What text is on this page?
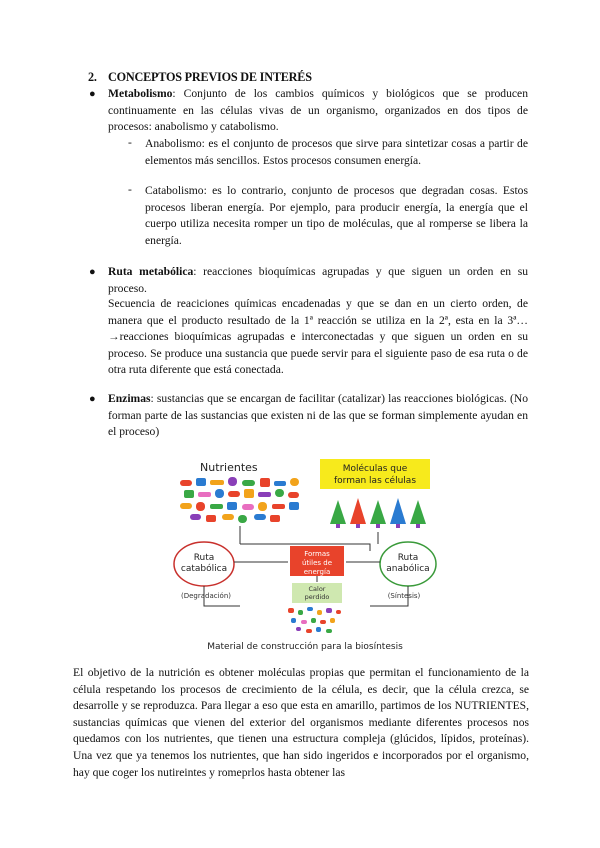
2. CONCEPTOS PREVIOS DE INTERÉS
● Metabolismo: Conjunto de los cambios químicos y biológicos que se producen continuamente en las células vivas de un organismo, organizados en dos tipos de procesos: anabolismo y catabolismo.
- Anabolismo: es el conjunto de procesos que sirve para sintetizar cosas a partir de elementos más sencillos. Estos procesos consumen energía.
- Catabolismo: es lo contrario, conjunto de procesos que degradan cosas. Estos procesos liberan energía. Por ejemplo, para producir energía, la energía que el cuerpo utiliza necesita romper un tipo de moléculas, que al romperse se libera la energía.
● Ruta metabólica: reacciones bioquímicas agrupadas y que siguen un orden en su proceso.
Secuencia de reaciciones químicas encadenadas y que se dan en un cierto orden, de manera que el producto resultado de la 1ª reacción se utiliza en la 2ª, esta en la 3ª…→reacciones bioquímicas agrupadas e interconectadas y que siguen un orden en su proceso. Se produce una sustancia que puede servir para el siguiente paso de esa ruta o de otra ruta diferente que está conectada.
● Enzimas: sustancias que se encargan de facilitar (catalizar) las reacciones biológicas. (No forman parte de las sustancias que existen ni de las que se forman simplemente ayudan en el proceso)
Nutrientes	Moléculas que
forman las células
Ruta
catabólica
(Degradación)
Ruta
anabólica
(Síntesis)
Formas
útiles de
energía
Calor
perdido
Material de construcción para la biosíntesis
El objetivo de la nutrición es obtener moléculas propias que permitan el funcionamiento de la célula respetando los procesos de crecimiento de la célula, es decir, que la célula crezca, se desarrolle y se reproduzca. Para llegar a eso que esta en amarillo, partimos de los NUTRIENTES, sustancias químicas que vienen del exterior del organismos mediante diferentes procesos nos quedamos con los nutrientes, que tienen una estructura compleja (glúcidos, lípidos, proteínas). Una vez que ya tenemos los nutrientes, que han sido ingeridos e incorporados por el organismo, hay que coger los nutireintes y romeprlos hasta obtener las
